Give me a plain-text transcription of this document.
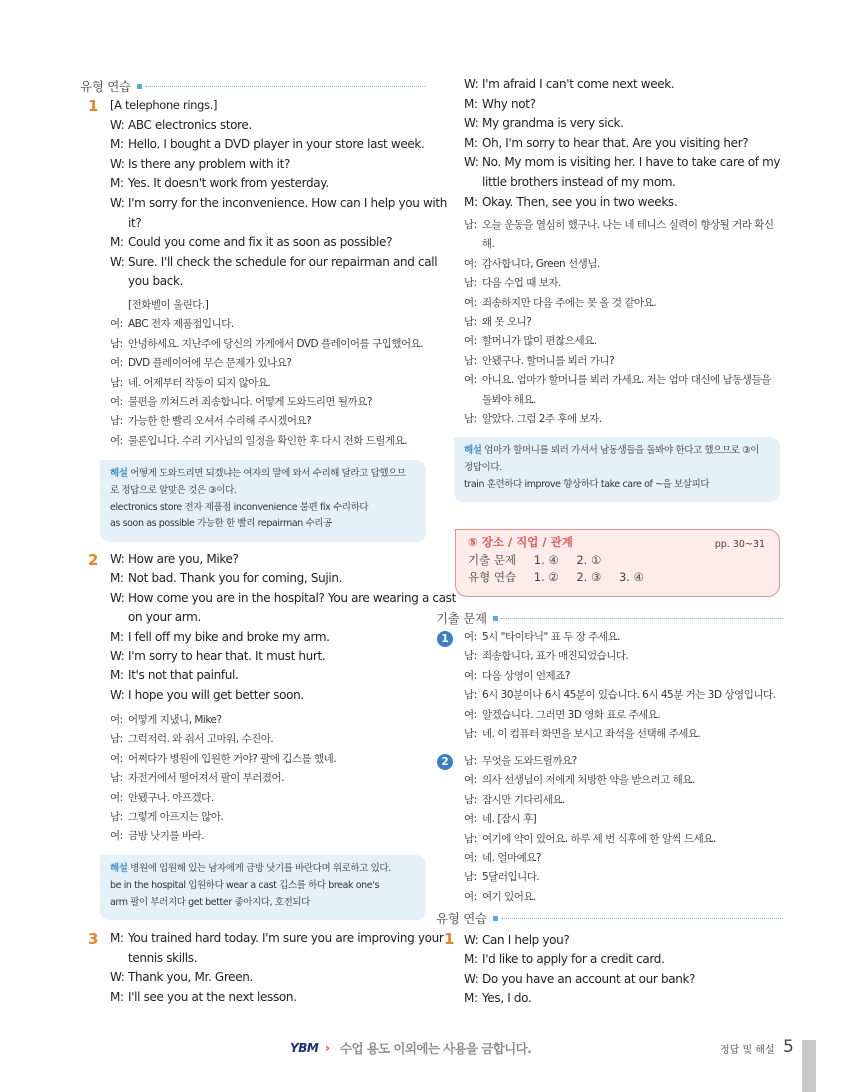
유형 연습
1 [A telephone rings.]
W: ABC electronics store.
M: Hello. I bought a DVD player in your store last week.
W: Is there any problem with it?
M: Yes. It doesn't work from yesterday.
W: I'm sorry for the inconvenience. How can I help you with
it?
M: Could you come and fix it as soon as possible?
W: Sure. I'll check the schedule for our repairman and call
you back.
[전화벨이 울린다.]
여: ABC 전자 제품점입니다.
남: 안녕하세요. 지난주에 당신의 가게에서 DVD 플레이어를 구입했어요.
여: DVD 플레이어에 무슨 문제가 있나요?
남: 네. 어제부터 작동이 되지 않아요.
여: 불편을 끼쳐드려 죄송합니다. 어떻게 도와드리면 될까요?
남: 가능한 한 빨리 오셔서 수리해 주시겠어요?
여: 물론입니다. 수리 기사님의 일정을 확인한 후 다시 전화 드릴게요.
해설 어떻게 도와드리면 되겠냐는 여자의 말에 와서 수리해 달라고 답했으므
로 정답으로 알맞은 것은 ③이다.
electronics store 전자 제품점 inconvenience 불편 fix 수리하다
as soon as possible 가능한 한 빨리 repairman 수리공
2 W: How are you, Mike?
M: Not bad. Thank you for coming, Sujin.
W: How come you are in the hospital? You are wearing a cast
on your arm.
M: I fell off my bike and broke my arm.
W: I'm sorry to hear that. It must hurt.
M: It's not that painful.
W: I hope you will get better soon.
여: 어떻게 지냈니, Mike?
남: 그럭저럭. 와 줘서 고마워, 수진아.
여: 어쩌다가 병원에 입원한 거야? 팔에 깁스를 했네.
남: 자전거에서 떨어져서 팔이 부러졌어.
여: 안됐구나. 아프겠다.
남: 그렇게 아프지는 않아.
여: 금방 낫기를 바라.
해설 병원에 입원해 있는 남자에게 금방 낫기를 바란다며 위로하고 있다.
be in the hospital 입원하다 wear a cast 깁스를 하다 break one's
arm 팔이 부러지다 get better 좋아지다, 호전되다
3 M: You trained hard today. I'm sure you are improving your
tennis skills.
W: Thank you, Mr. Green.
M: I'll see you at the next lesson.
W: I'm afraid I can't come next week.
M: Why not?
W: My grandma is very sick.
M: Oh, I'm sorry to hear that. Are you visiting her?
W: No. My mom is visiting her. I have to take care of my
little brothers instead of my mom.
M: Okay. Then, see you in two weeks.
남: 오늘 운동을 열심히 했구나. 나는 네 테니스 실력이 향상될 거라 확신
해.
여: 감사합니다, Green 선생님.
남: 다음 수업 때 보자.
여: 죄송하지만 다음 주에는 못 올 것 같아요.
남: 왜 못 오니?
여: 할머니가 많이 편찮으세요.
남: 안됐구나. 할머니를 뵈러 가니?
여: 아니요. 엄마가 할머니를 뵈러 가세요. 저는 엄마 대신에 남동생들을
돌봐야 해요.
남: 알았다. 그럼 2주 후에 보자.
해설 엄마가 할머니를 뵈러 가셔서 남동생들을 돌봐야 한다고 했으므로 ③이
정답이다.
train 훈련하다 improve 향상하다 take care of ~을 보살피다
⑤ 장소 / 직업 / 관계	pp. 30~31
기출 문제 1. ④ 2. ①
유형 연습 1. ② 2. ③ 3. ④
기출 문제
1	여: 5시 "타이타닉" 표 두 장 주세요.
남: 죄송합니다, 표가 매진되었습니다.
여: 다음 상영이 언제죠?
남: 6시 30분이나 6시 45분이 있습니다. 6시 45분 거는 3D 상영입니다.
여: 알겠습니다. 그러면 3D 영화 표로 주세요.
남: 네. 이 컴퓨터 화면을 보시고 좌석을 선택해 주세요.
2	남: 무엇을 도와드릴까요?
여: 의사 선생님이 저에게 처방한 약을 받으려고 해요.
남: 잠시만 기다리세요.
여: 네. [잠시 후]
남: 여기에 약이 있어요. 하루 세 번 식후에 한 알씩 드세요.
여: 네. 얼마예요?
남: 5달러입니다.
여: 여기 있어요.
유형 연습
1 W: Can I help you?
M: I'd like to apply for a credit card.
W: Do you have an account at our bank?
M: Yes, I do.
YBM › 수업 용도 이외에는 사용을 금합니다.	정답 및 해설 5
